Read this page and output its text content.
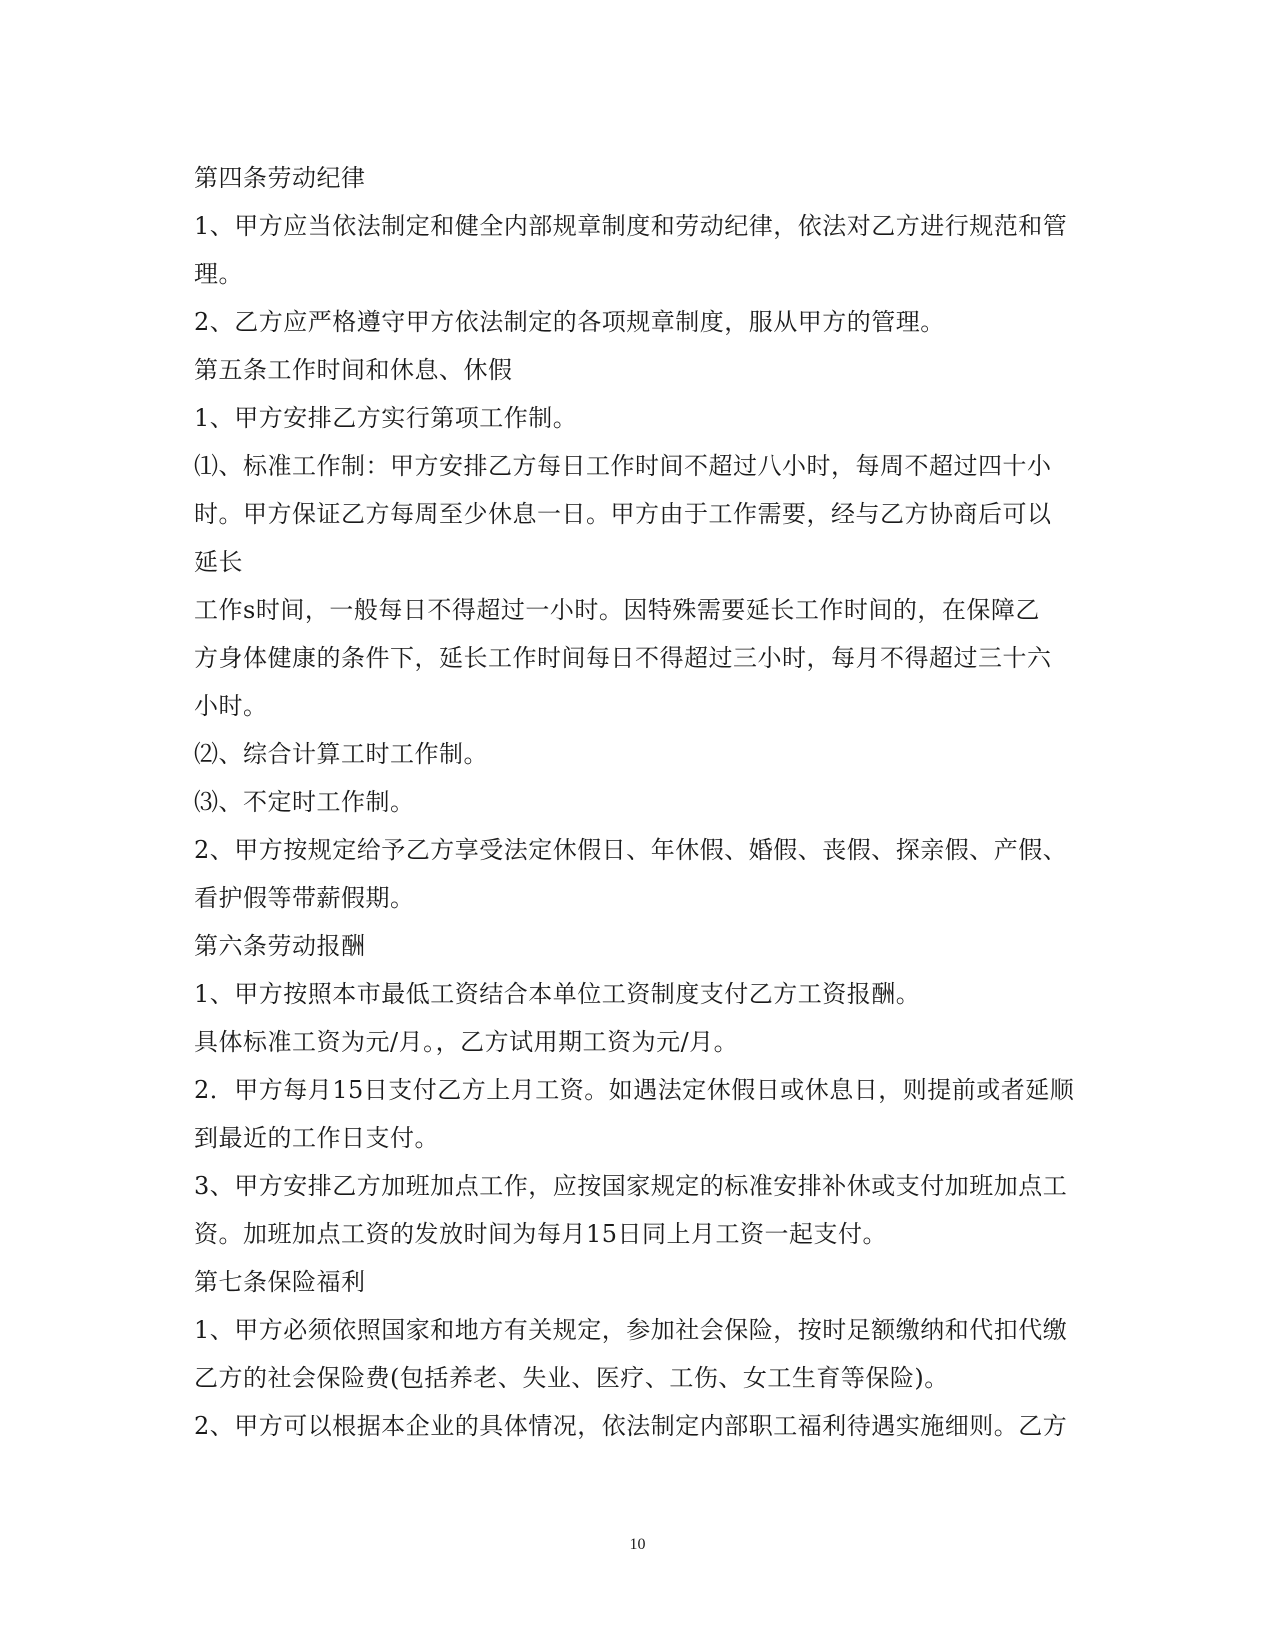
第四条劳动纪律
1、甲方应当依法制定和健全内部规章制度和劳动纪律，依法对乙方进行规范和管
理。
2、乙方应严格遵守甲方依法制定的各项规章制度，服从甲方的管理。
第五条工作时间和休息、休假
1、甲方安排乙方实行第项工作制。
⑴、标准工作制：甲方安排乙方每日工作时间不超过八小时，每周不超过四十小
时。甲方保证乙方每周至少休息一日。甲方由于工作需要，经与乙方协商后可以
延长
工作s时间，一般每日不得超过一小时。因特殊需要延长工作时间的，在保障乙
方身体健康的条件下，延长工作时间每日不得超过三小时，每月不得超过三十六
小时。
⑵、综合计算工时工作制。
⑶、不定时工作制。
2、甲方按规定给予乙方享受法定休假日、年休假、婚假、丧假、探亲假、产假、
看护假等带薪假期。
第六条劳动报酬
1、甲方按照本市最低工资结合本单位工资制度支付乙方工资报酬。
具体标准工资为元/月。，乙方试用期工资为元/月。
2．甲方每月15日支付乙方上月工资。如遇法定休假日或休息日，则提前或者延顺
到最近的工作日支付。
3、甲方安排乙方加班加点工作，应按国家规定的标准安排补休或支付加班加点工
资。加班加点工资的发放时间为每月15日同上月工资一起支付。
第七条保险福利
1、甲方必须依照国家和地方有关规定，参加社会保险，按时足额缴纳和代扣代缴
乙方的社会保险费(包括养老、失业、医疗、工伤、女工生育等保险)。
2、甲方可以根据本企业的具体情况，依法制定内部职工福利待遇实施细则。乙方
10
